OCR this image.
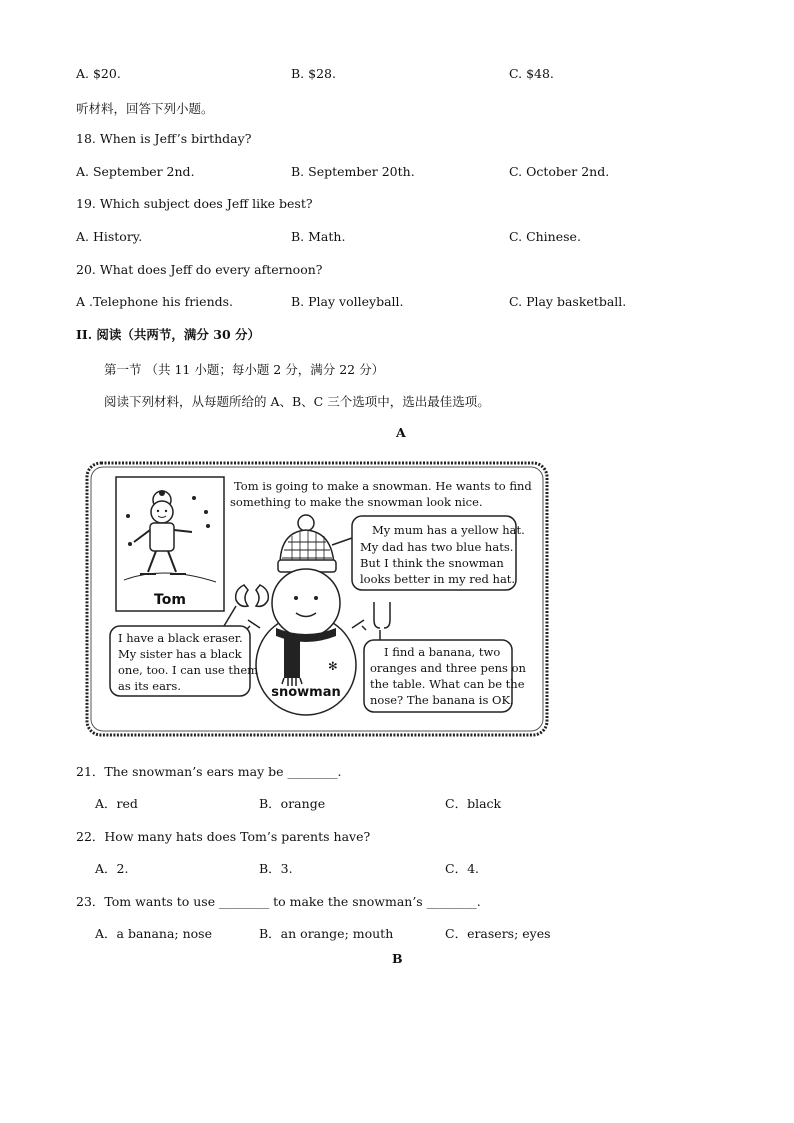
A. $20.	B. $28.	C. $48.
听材料，回答下列小题。
18. When is Jeff’s birthday?
A. September 2nd.	B. September 20th.	C. October 2nd.
19. Which subject does Jeff like best?
A. History.	B. Math.	C. Chinese.
20. What does Jeff do every afternoon?
A .Telephone his friends.	B. Play volleyball.	C. Play basketball.
II. 阅读（共两节，满分 30 分）
第一节 （共 11 小题；每小题 2 分，满分 22 分）
阅读下列材料，从每题所给的 A、B、C 三个选项中，选出最佳选项。
A
Tom
Tom is going to make a snowman. He wants to find
something to make the snowman look nice.
My mum has a yellow hat.
My dad has two blue hats.
But I think the snowman
looks better in my red hat.
✻
snowman
I have a black eraser.
My sister has a black
one, too. I can use them
as its ears.
I find a banana, two
oranges and three pens on
the table. What can be the
nose? The banana is OK.
21．The snowman’s ears may be ________.
A．red	B．orange	C．black
22．How many hats does Tom’s parents have?
A．2.	B．3.	C．4.
23．Tom wants to use ________ to make the snowman’s ________.
A．a banana; nose	B．an orange; mouth	C．erasers; eyes
B
